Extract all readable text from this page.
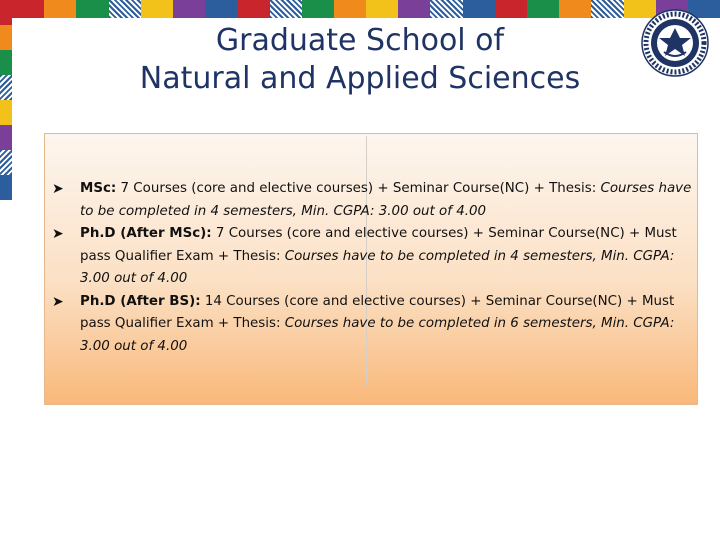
Graduate School of
Natural and Applied Sciences
➤ MSc: 7 Courses (core and elective courses) + Seminar Course(NC) + Thesis: Courses have to be completed in 4 semesters, Min. CGPA: 3.00 out of 4.00
➤ Ph.D (After MSc): 7 Courses (core and elective courses) + Seminar Course(NC) + Must pass Qualifier Exam + Thesis: Courses have to be completed in 4 semesters, Min. CGPA: 3.00 out of 4.00
➤ Ph.D (After BS): 14 Courses (core and elective courses) + Seminar Course(NC) + Must pass Qualifier Exam + Thesis: Courses have to be completed in 6 semesters, Min. CGPA: 3.00 out of 4.00
